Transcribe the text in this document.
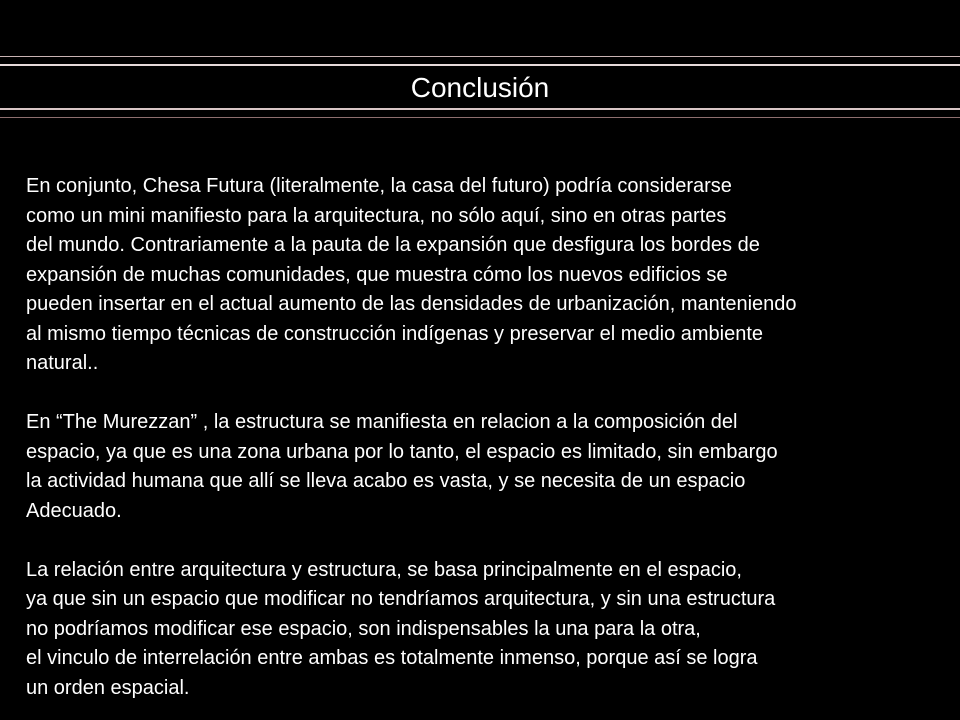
Conclusión
En conjunto, Chesa Futura (literalmente, la casa del futuro) podría considerarse
como un mini manifiesto para la arquitectura, no sólo aquí, sino en otras partes
del mundo. Contrariamente a la pauta de la expansión que desfigura los bordes de
expansión de muchas comunidades, que muestra cómo los nuevos edificios se
pueden insertar en el actual aumento de las densidades de urbanización, manteniendo
al mismo tiempo técnicas de construcción indígenas y preservar el medio ambiente
natural..
En “The Murezzan” , la estructura se manifiesta en relacion a la composición del
espacio, ya que es una zona urbana por lo tanto, el espacio es limitado, sin embargo
la actividad humana que allí se lleva acabo es vasta, y se necesita de un espacio
Adecuado.
La relación entre arquitectura y estructura, se basa principalmente en el espacio,
ya que sin un espacio que modificar no tendríamos arquitectura, y sin una estructura
no podríamos modificar ese espacio, son indispensables la una para la otra,
el vinculo de interrelación entre ambas es totalmente inmenso, porque así se logra
un orden espacial.
